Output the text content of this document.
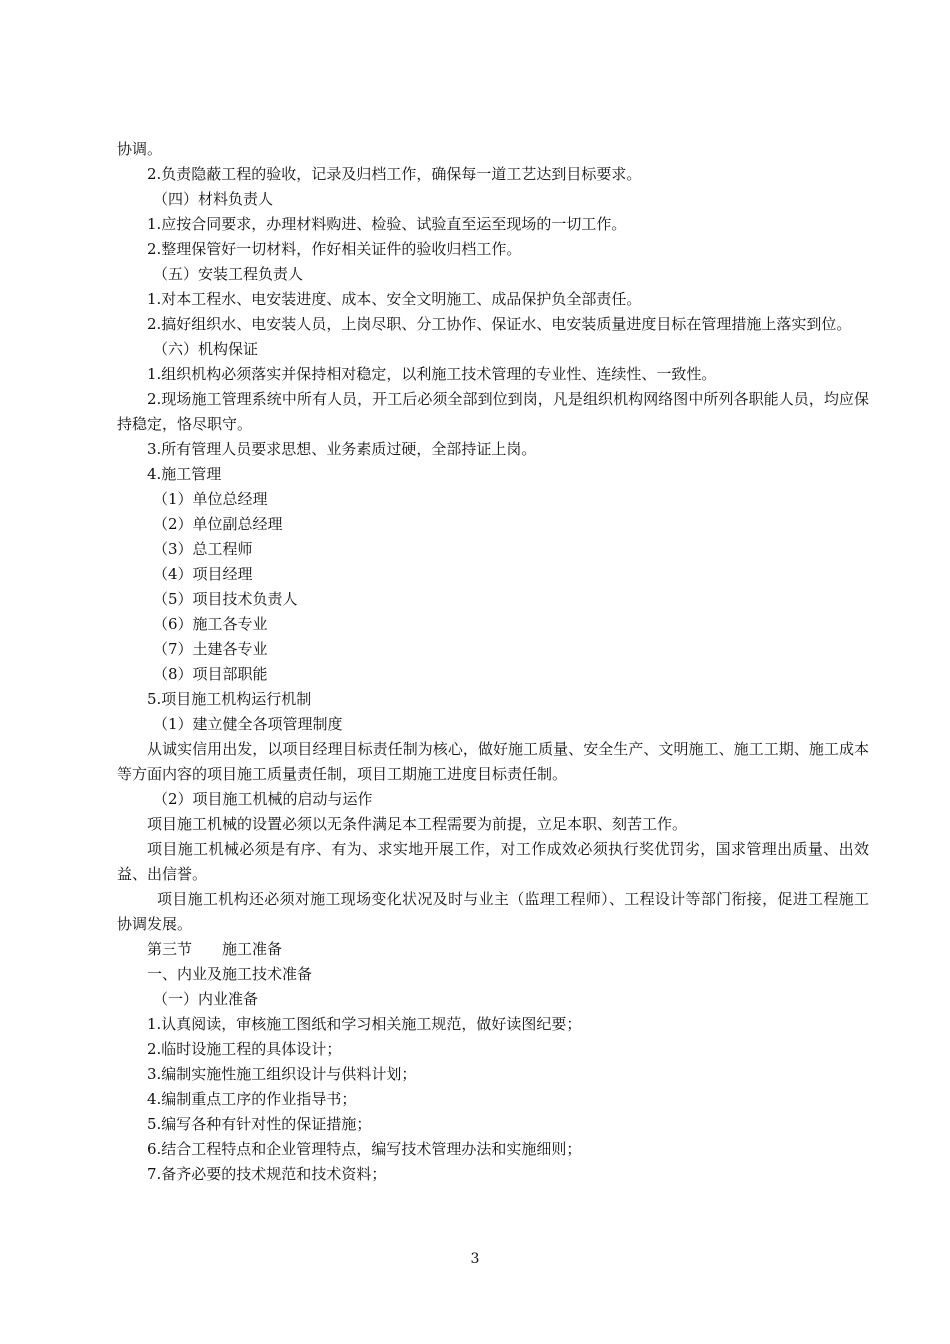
协调。
2.负责隐蔽工程的验收，记录及归档工作，确保每一道工艺达到目标要求。
（四）材料负责人
1.应按合同要求，办理材料购进、检验、试验直至运至现场的一切工作。
2.整理保管好一切材料，作好相关证件的验收归档工作。
（五）安装工程负责人
1.对本工程水、电安装进度、成本、安全文明施工、成品保护负全部责任。
2.搞好组织水、电安装人员，上岗尽职、分工协作、保证水、电安装质量进度目标在管理措施上落实到位。
（六）机构保证
1.组织机构必须落实并保持相对稳定，以利施工技术管理的专业性、连续性、一致性。
2.现场施工管理系统中所有人员，开工后必须全部到位到岗，凡是组织机构网络图中所列各职能人员，均应保持稳定，恪尽职守。
3.所有管理人员要求思想、业务素质过硬，全部持证上岗。
4.施工管理
（1）单位总经理
（2）单位副总经理
（3）总工程师
（4）项目经理
（5）项目技术负责人
（6）施工各专业
（7）土建各专业
（8）项目部职能
5.项目施工机构运行机制
（1）建立健全各项管理制度
从诚实信用出发，以项目经理目标责任制为核心，做好施工质量、安全生产、文明施工、施工工期、施工成本等方面内容的项目施工质量责任制，项目工期施工进度目标责任制。
（2）项目施工机械的启动与运作
项目施工机械的设置必须以无条件满足本工程需要为前提，立足本职、刻苦工作。
项目施工机械必须是有序、有为、求实地开展工作，对工作成效必须执行奖优罚劣，国求管理出质量、出效益、出信誉。
项目施工机构还必须对施工现场变化状况及时与业主（监理工程师）、工程设计等部门衔接，促进工程施工协调发展。
第三节　　施工准备
一、内业及施工技术准备
（一）内业准备
1.认真阅读，审核施工图纸和学习相关施工规范，做好读图纪要；
2.临时设施工程的具体设计；
3.编制实施性施工组织设计与供料计划；
4.编制重点工序的作业指导书；
5.编写各种有针对性的保证措施；
6.结合工程特点和企业管理特点，编写技术管理办法和实施细则；
7.备齐必要的技术规范和技术资料；
3
